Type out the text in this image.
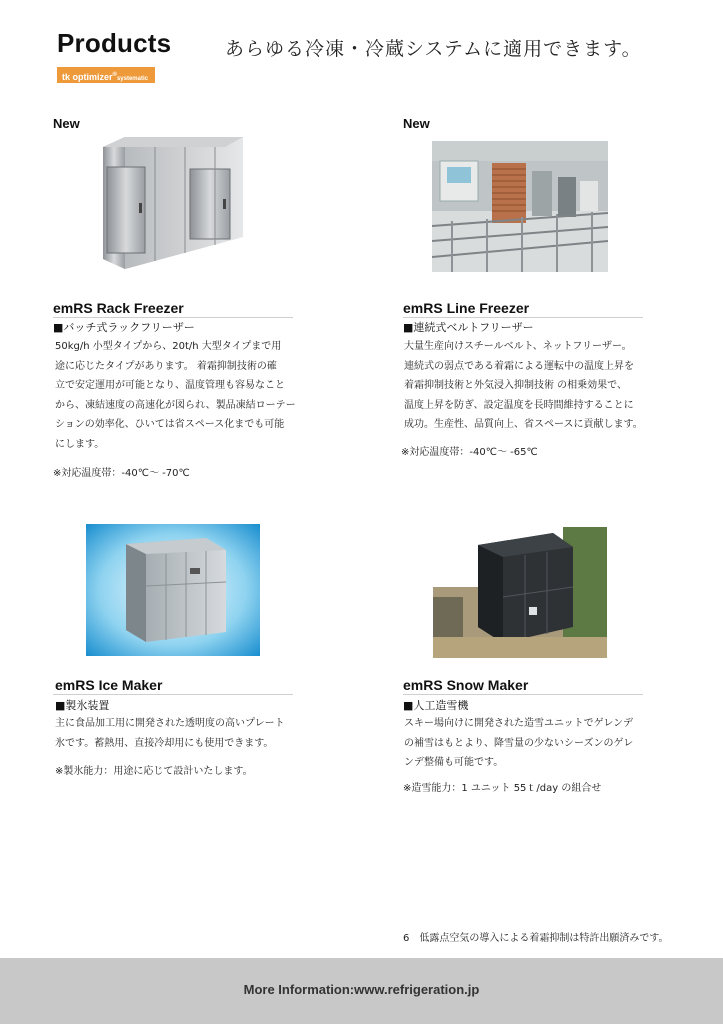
Products	あらゆる冷凍・冷蔵システムに適用できます。
tk optimizer®systematic
New
emRS Rack Freezer
■バッチ式ラックフリーザー
50kg/h 小型タイプから、20t/h 大型タイプまで用
途に応じたタイプがあります。 着霜抑制技術の確
立で安定運用が可能となり、温度管理も容易なこと
から、凍結速度の高速化が図られ、製品凍結ローテー
ションの効率化、ひいては省スペース化までも可能
にします。
※対応温度帯：-40℃～ -70℃
New
emRS Line Freezer
■連続式ベルトフリーザー
大量生産向けスチールベルト、ネットフリーザー。
連続式の弱点である着霜による運転中の温度上昇を
着霜抑制技術と外気浸入抑制技術 の相乗効果で、
温度上昇を防ぎ、設定温度を長時間維持することに
成功。生産性、品質向上、省スペースに貢献します。
※対応温度帯：-40℃～ -65℃
emRS Ice Maker
■製氷装置
主に食品加工用に開発された透明度の高いプレート
氷です。蓄熱用、直接冷却用にも使用できます。
※製氷能力：用途に応じて設計いたします。
emRS Snow Maker
■人工造雪機
スキー場向けに開発された造雪ユニットでゲレンデ
の補雪はもとより、降雪量の少ないシーズンのゲレ
ンデ整備も可能です。
※造雪能力：1 ユニット 55ｔ/day の組合せ
6　低露点空気の導入による着霜抑制は特許出願済みです。
More Information:www.refrigeration.jp
